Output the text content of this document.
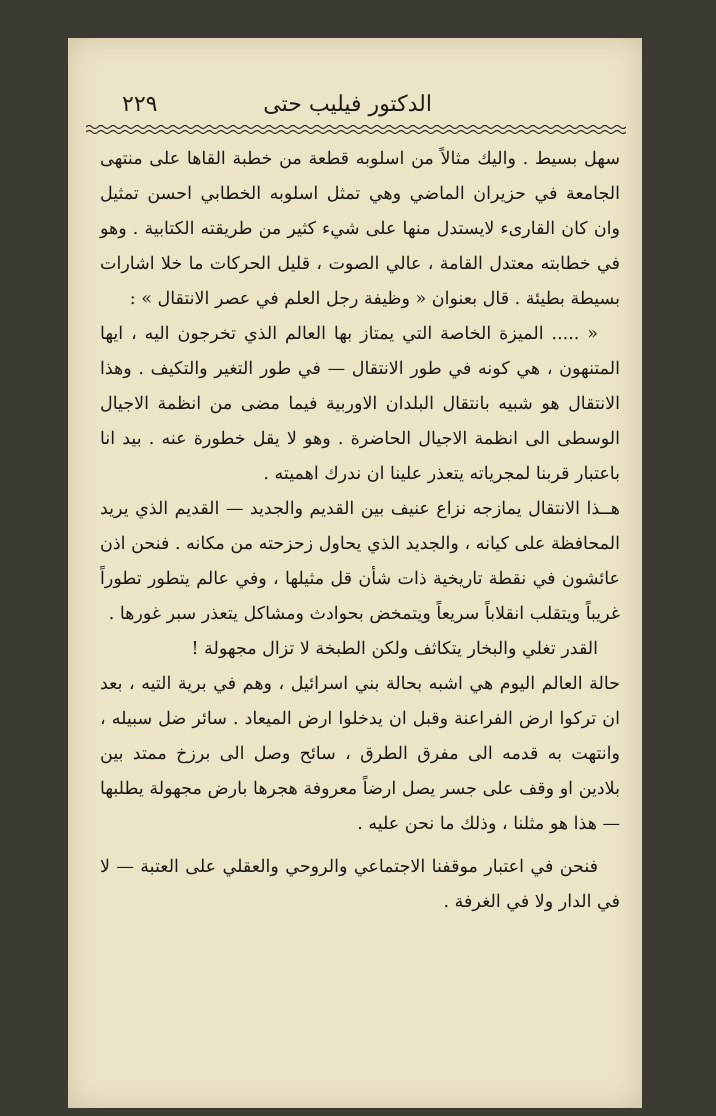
الدكتور فيليب حتى
٢٢٩

سهل بسيط . واليك مثالاً من اسلوبه قطعة من خطبة القاها على منتهى الجامعة في حزيران الماضي وهي تمثل اسلوبه الخطابي احسن تمثيل وان كان القارىء لايستدل منها على شيء كثير من طريقته الكتابية . وهو في خطابته معتدل القامة ، عالي الصوت ، قليل الحركات ما خلا اشارات بسيطة بطيئة . قال بعنوان « وظيفة رجل العلم في عصر الانتقال » :

« ..... الميزة الخاصة التي يمتاز بها العالم الذي تخرجون اليه ، ايها المتنهون ، هي كونه في طور الانتقال — في طور التغير والتكيف . وهذا الانتقال هو شبيه بانتقال البلدان الاوربية فيما مضى من انظمة الاجيال الوسطى الى انظمة الاجيال الحاضرة . وهو لا يقل خطورة عنه . بيد انا باعتبار قربنا لمجرياته يتعذر علينا ان ندرك اهميته .

هــذا الانتقال يمازجه نزاع عنيف بين القديم والجديد — القديم الذي يريد المحافظة على كيانه ، والجديد الذي يحاول زحزحته من مكانه . فنحن اذن عائشون في نقطة تاريخية ذات شأن قل مثيلها ، وفي عالم يتطور تطوراً غريباً ويتقلب انقلاباً سريعاً ويتمخض بحوادث ومشاكل يتعذر سبر غورها .

القدر تغلي والبخار يتكاثف ولكن الطبخة لا تزال مجهولة !

حالة العالم اليوم هي اشبه بحالة بني اسرائيل ، وهم في برية التيه ، بعد ان تركوا ارض الفراعنة وقبل ان يدخلوا ارض الميعاد . سائر ضل سبيله ، وانتهت به قدمه الى مفرق الطرق ، سائح وصل الى برزخ ممتد بين بلادين او وقف على جسر يصل ارضاً معروفة هجرها بارض مجهولة يطلبها — هذا هو مثلنا ، وذلك ما نحن عليه .

فنحن في اعتبار موقفنا الاجتماعي والروحي والعقلي على العتبة — لا في الدار ولا في الغرفة .
